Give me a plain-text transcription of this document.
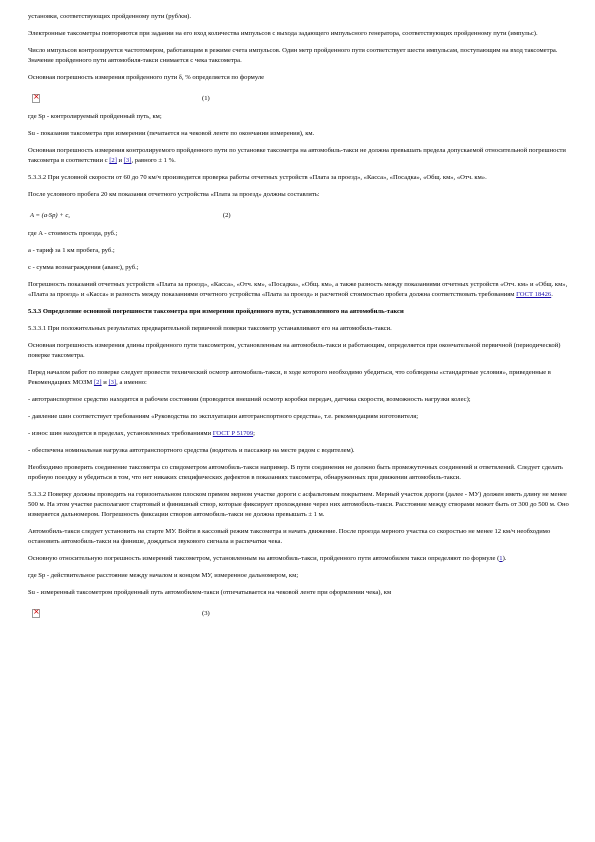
установки, соответствующих пройденному пути (руб/км).

Электронные таксометры повторяются при задании на его вход количества импульсов с выхода задающего импульсного генератора, соответствующих пройденному пути (импульс).

Число импульсов контролируется частотомером, работающим в режиме счета импульсов. Один метр пройденного пути соответствует шести импульсам, поступающим на вход таксометра. Значение пройденного пути автомобиля-такси снимается с чека таксометра.

Основная погрешность измерения пройденного пути δ, % определяется по формуле

×
(1)

где Sp - контролируемый пройденный путь, км;

Su - показания таксометра при измерении (печатается на чековой ленте по окончании измерения), км.

Основная погрешность измерения контролируемого пройденного пути по установке таксометра на автомобиль-такси не должна превышать предела допускаемой относительной погрешности таксометра в соответствии с [2] и [3], равного ± 1 %.

5.3.3.2 При условной скорости от 60 до 70 км/ч производится проверка работы отчетных устройств «Плата за проезд», «Касса», «Посадка», «Общ. км», «Отч. км».

После условного пробега 20 км показания отчетного устройства «Плата за проезд» должны составлять:

A = (a·Sp) + c,	(2)

где A - стоимость проезда, руб.;

a - тариф за 1 км пробега, руб.;

c - сумма вознаграждения (аванс), руб.;

Погрешность показаний отчетных устройств «Плата за проезд», «Касса», «Отч. км», «Посадка», «Общ. км», а также разность между показаниями отчетных устройств «Отч. км» и «Общ. км», «Плата за проезд» и «Касса» и разность между показаниями отчетного устройства «Плата за проезд» и расчетной стоимостью пробега должна соответствовать требованиям ГОСТ 18426.

5.3.3 Определение основной погрешности таксометра при измерении пройденного пути, установленного на автомобиль-такси

5.3.3.1 При положительных результатах предварительной первичной поверки таксометр устанавливают его на автомобиль-такси.

Основная погрешность измерения длины пройденного пути таксометром, установленным на автомобиль-такси и работающим, определяется при окончательной первичной (периодической) поверке таксометра.

Перед началом работ по поверке следует провести технический осмотр автомобиль-такси, в ходе которого необходимо убедиться, что соблюдены «стандартные условия», приведенные в Рекомендациях МОЗМ [2] и [3], а именно:

- автотранспортное средство находится в рабочем состоянии (проводится внешний осмотр коробки передач, датчика скорости, возможность нагрузки колес);

- давление шин соответствует требованиям «Руководства по эксплуатации автотранспортного средства», т.е. рекомендациям изготовителя;

- износ шин находится в пределах, установленных требованиями ГОСТ Р 51709;

- обеспечена номинальная нагрузка автотранспортного средства (водитель и пассажир на месте рядом с водителем).

Необходимо проверить соединение таксометра со спидометром автомобиль-такси например. В пути соединения не должно быть промежуточных соединений и ответвлений. Следует сделать пробную поездку и убедиться в том, что нет никаких специфических дефектов в показаниях таксометра, обнаруженных при движении автомобиль-такси.

5.3.3.2 Поверку должны проводить на горизонтальном плоском прямом мерном участке дороги с асфальтовым покрытием. Мерный участок дороги (далее - МУ) должен иметь длину не менее 500 м. На этом участке располагают стартовый и финишный створ, которые фиксирует прохождение через них автомобиль-такси. Расстояние между створами может быть от 300 до 500 м. Оно измеряется дальномером. Погрешность фиксации створов автомобиль-такси не должна превышать ± 1 м.

Автомобиль-такси следует установить на старте МУ. Войти в кассовый режим таксометра и начать движение. После проезда мерного участка со скоростью не менее 12 км/ч необходимо остановить автомобиль-такси на финише, дождаться звукового сигнала и распечатки чека.

Основную относительную погрешность измерений таксометром, установленным на автомобиль-такси, пройденного пути автомобилем такси определяют по формуле (1).

где Sp - действительное расстояние между началом и концом МУ, измеренное дальномером, км;

Su - измеренный таксометром пройденный путь автомобилем-такси (отпечатывается на чековой ленте при оформлении чека), км

×
(3)
